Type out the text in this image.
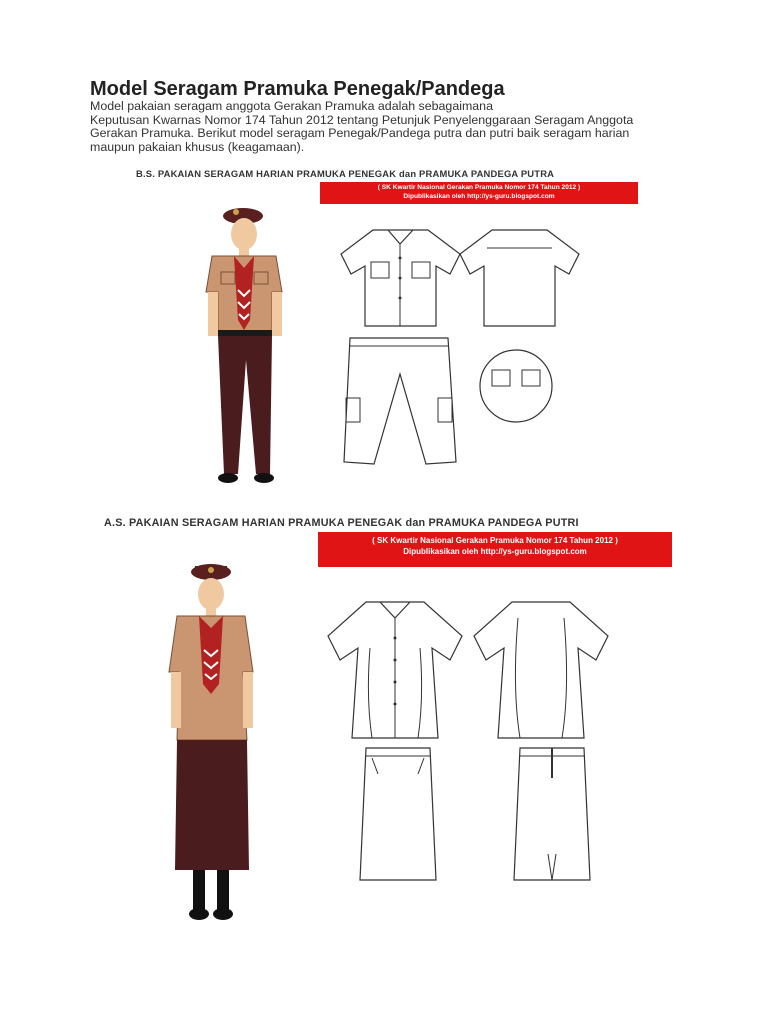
Model Seragam Pramuka Penegak/Pandega
Model pakaian seragam anggota Gerakan Pramuka adalah sebagaimana
Keputusan Kwarnas Nomor 174 Tahun 2012 tentang Petunjuk Penyelenggaraan Seragam Anggota
Gerakan Pramuka. Berikut model seragam Penegak/Pandega putra dan putri baik seragam harian
maupun pakaian khusus (keagamaan).
B.S. PAKAIAN SERAGAM HARIAN PRAMUKA PENEGAK dan PRAMUKA PANDEGA PUTRA
( SK Kwartir Nasional Gerakan Pramuka Nomor 174 Tahun 2012 )
Dipublikasikan oleh http://ys-guru.blogspot.com
A.S. PAKAIAN SERAGAM HARIAN PRAMUKA PENEGAK dan PRAMUKA PANDEGA PUTRI
( SK Kwartir Nasional Gerakan Pramuka Nomor 174 Tahun 2012 )
Dipublikasikan oleh http://ys-guru.blogspot.com
